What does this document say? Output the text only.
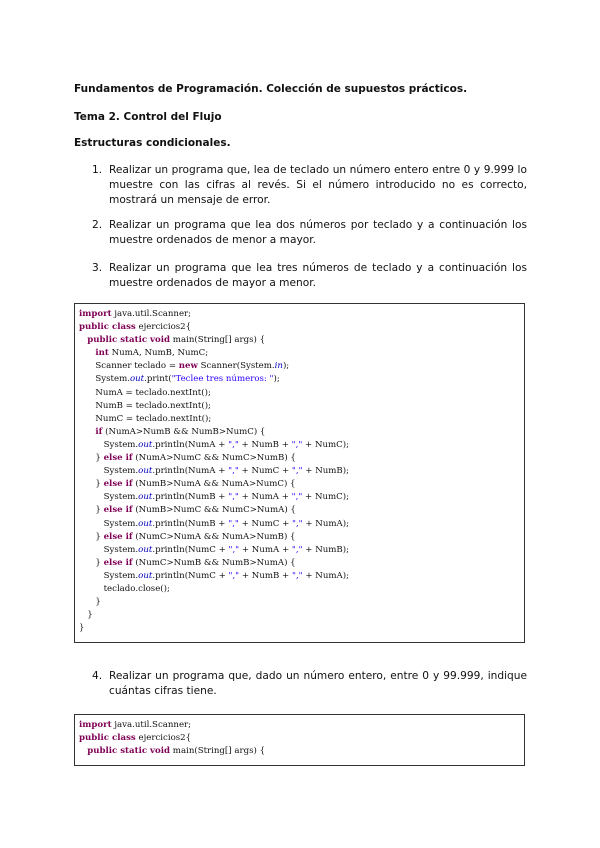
Fundamentos de Programación. Colección de supuestos prácticos.
Tema 2. Control del Flujo
Estructuras condicionales.
1. Realizar un programa que, lea de teclado un número entero entre 0 y 9.999 lo muestre con las cifras al revés. Si el número introducido no es correcto, mostrará un mensaje de error.
2. Realizar un programa que lea dos números por teclado y a continuación los muestre ordenados de menor a mayor.
3. Realizar un programa que lea tres números de teclado y a continuación los muestre ordenados de mayor a menor.
import java.util.Scanner;
public class ejercicios2{
public static void main(String[] args) {
int NumA, NumB, NumC;
Scanner teclado = new Scanner(System.in);
System.out.print("Teclee tres números: ");
NumA = teclado.nextInt();
NumB = teclado.nextInt();
NumC = teclado.nextInt();
if (NumA>NumB && NumB>NumC) {
System.out.println(NumA + "," + NumB + "," + NumC);
} else if (NumA>NumC && NumC>NumB) {
System.out.println(NumA + "," + NumC + "," + NumB);
} else if (NumB>NumA && NumA>NumC) {
System.out.println(NumB + "," + NumA + "," + NumC);
} else if (NumB>NumC && NumC>NumA) {
System.out.println(NumB + "," + NumC + "," + NumA);
} else if (NumC>NumA && NumA>NumB) {
System.out.println(NumC + "," + NumA + "," + NumB);
} else if (NumC>NumB && NumB>NumA) {
System.out.println(NumC + "," + NumB + "," + NumA);
teclado.close();
}
}
}
4. Realizar un programa que, dado un número entero, entre 0 y 99.999, indique cuántas cifras tiene.
import java.util.Scanner;
public class ejercicios2{
public static void main(String[] args) {
